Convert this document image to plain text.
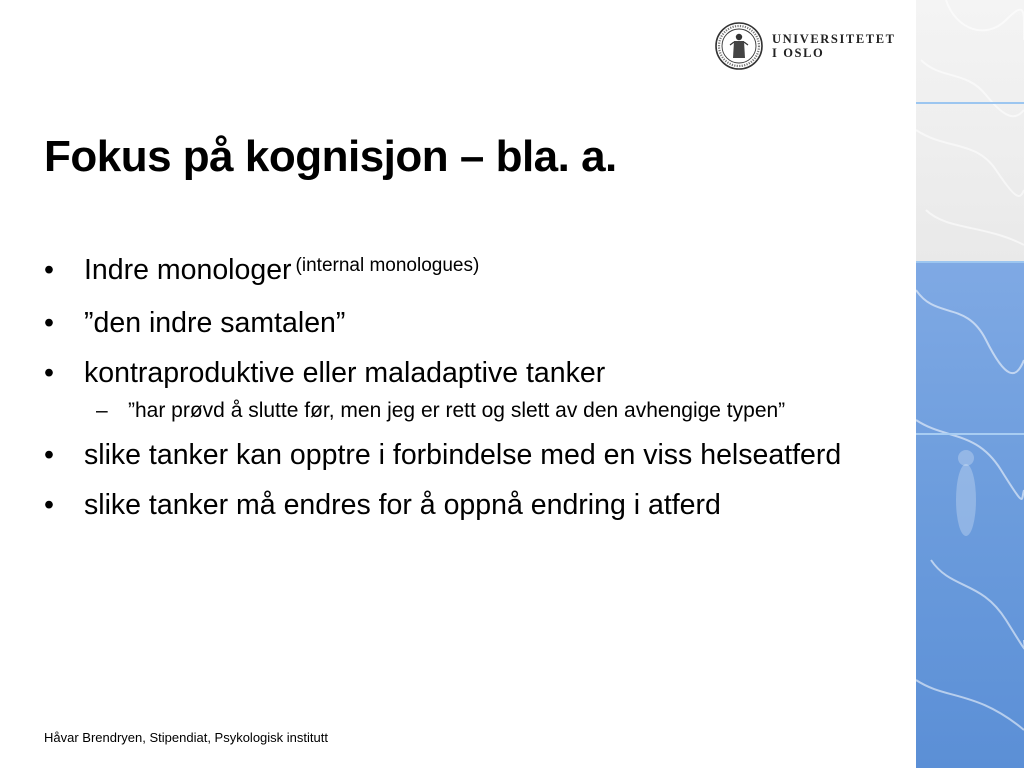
UNIVERSITETET
I OSLO
Fokus på kognisjon – bla. a.
• Indre monologer $^{(internal monologues)}$
• ”den indre samtalen”
• kontraproduktive eller maladaptive tanker
– ”har prøvd å slutte før, men jeg er rett og slett av den avhengige typen”
• slike tanker kan opptre i forbindelse med en viss helseatferd
• slike tanker må endres for å oppnå endring i atferd
Håvar Brendryen, Stipendiat, Psykologisk institutt
